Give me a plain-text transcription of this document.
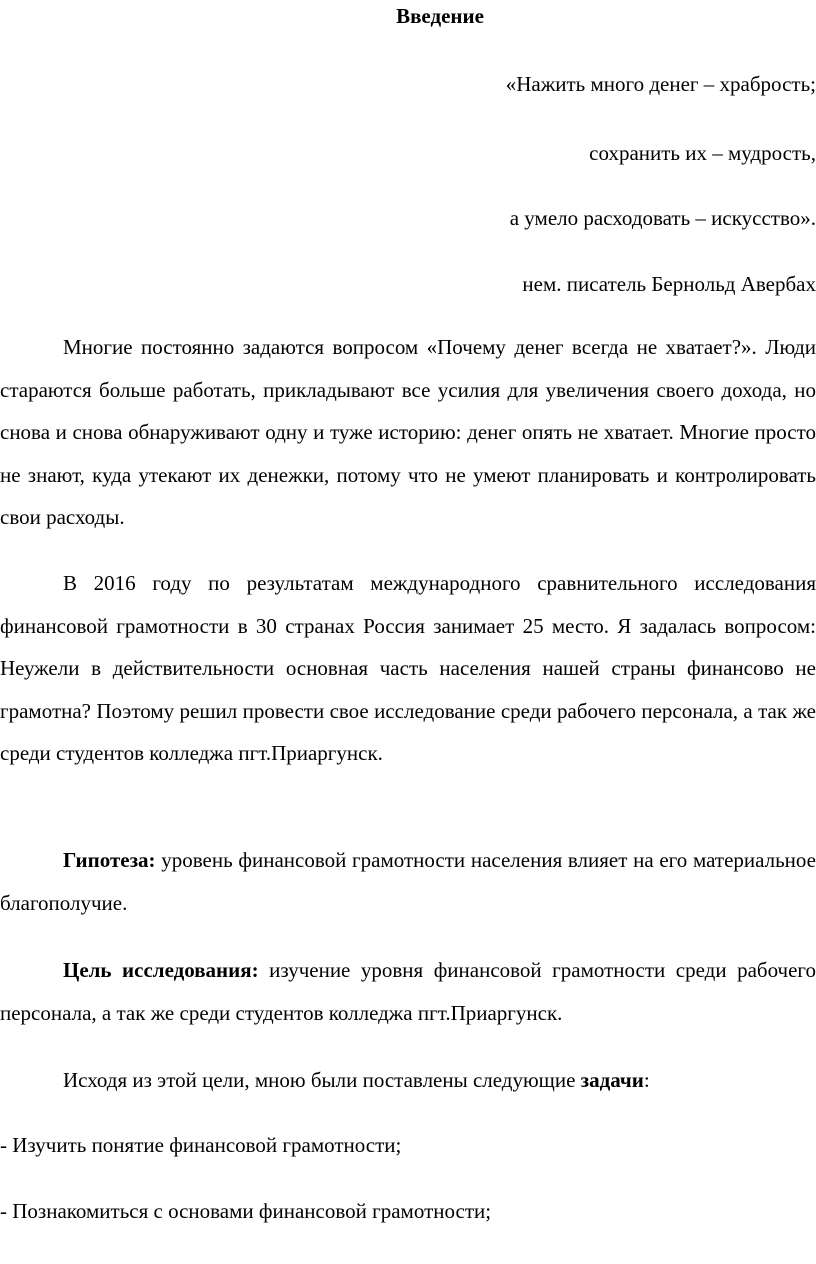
Введение

«Нажить много денег – храбрость;

сохранить их – мудрость,

а умело расходовать – искусство».

нем. писатель Бернольд Авербах

Многие постоянно задаются вопросом «Почему денег всегда не хватает?». Люди стараются больше работать, прикладывают все усилия для увеличения своего дохода, но снова и снова обнаруживают одну и туже историю: денег опять не хватает. Многие просто не знают, куда утекают их денежки, потому что не умеют планировать и контролировать свои расходы.

В 2016 году по результатам международного сравнительного исследования финансовой грамотности в 30 странах Россия занимает 25 место. Я задалась вопросом: Неужели в действительности основная часть населения нашей страны финансово не грамотна? Поэтому решил провести свое исследование среди рабочего персонала, а так же среди студентов колледжа пгт.Приаргунск.

Гипотеза: уровень финансовой грамотности населения влияет на его материальное благополучие.

Цель исследования: изучение уровня финансовой грамотности среди рабочего персонала, а так же среди студентов колледжа пгт.Приаргунск.

Исходя из этой цели, мною были поставлены следующие задачи:

- Изучить понятие финансовой грамотности;

- Познакомиться с основами финансовой грамотности;
